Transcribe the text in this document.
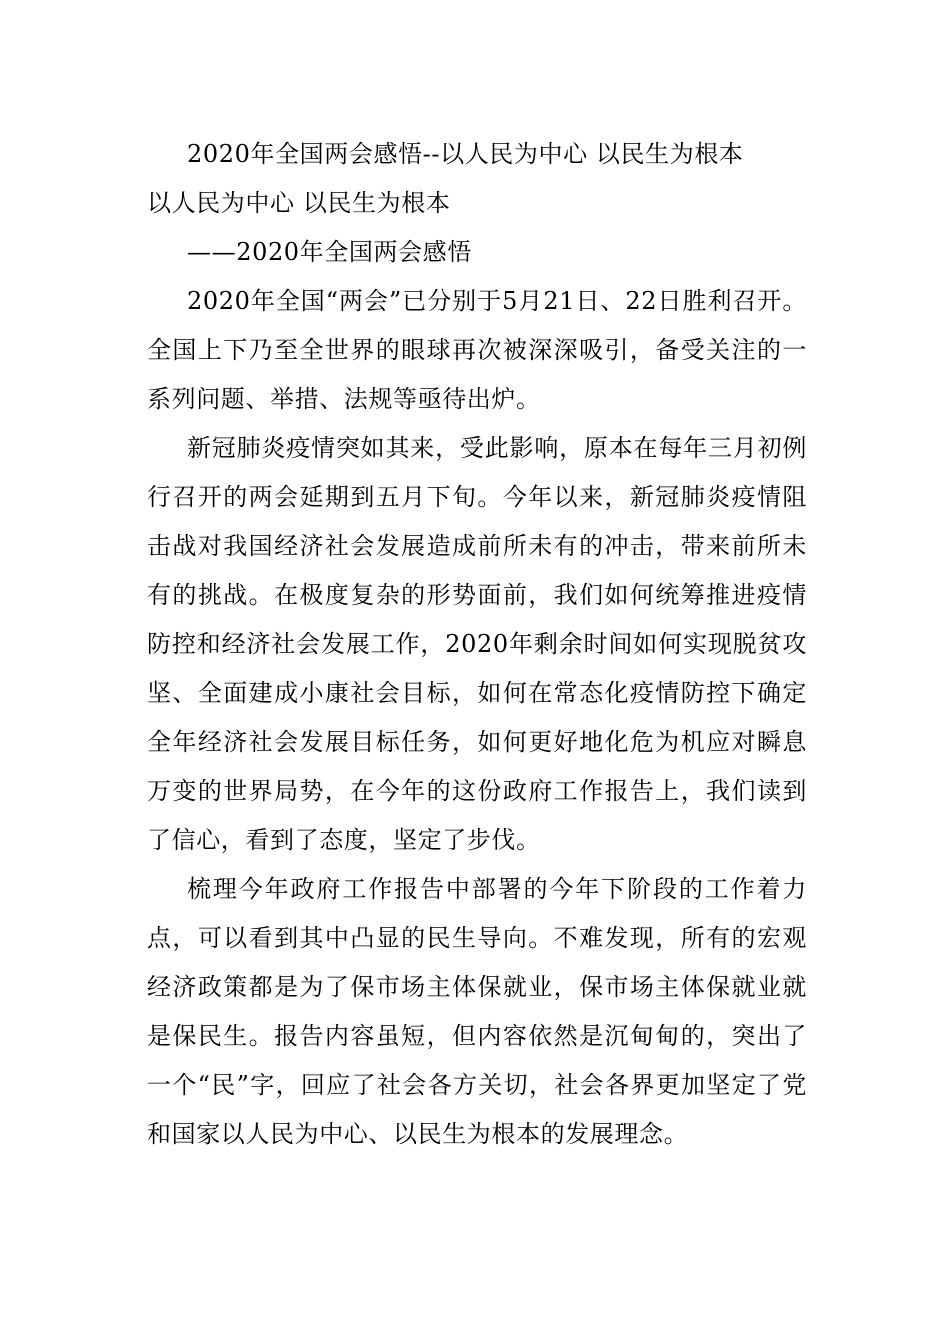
2020年全国两会感悟--以人民为中心 以民生为根本

以人民为中心 以民生为根本

——2020年全国两会感悟

2020年全国“两会”已分别于5月21日、22日胜利召开。全国上下乃至全世界的眼球再次被深深吸引，备受关注的一系列问题、举措、法规等亟待出炉。

新冠肺炎疫情突如其来，受此影响，原本在每年三月初例行召开的两会延期到五月下旬。今年以来，新冠肺炎疫情阻击战对我国经济社会发展造成前所未有的冲击，带来前所未有的挑战。在极度复杂的形势面前，我们如何统筹推进疫情防控和经济社会发展工作，2020年剩余时间如何实现脱贫攻坚、全面建成小康社会目标，如何在常态化疫情防控下确定全年经济社会发展目标任务，如何更好地化危为机应对瞬息万变的世界局势，在今年的这份政府工作报告上，我们读到了信心，看到了态度，坚定了步伐。

梳理今年政府工作报告中部署的今年下阶段的工作着力点，可以看到其中凸显的民生导向。不难发现，所有的宏观经济政策都是为了保市场主体保就业，保市场主体保就业就是保民生。报告内容虽短，但内容依然是沉甸甸的，突出了一个“民”字，回应了社会各方关切，社会各界更加坚定了党和国家以人民为中心、以民生为根本的发展理念。
